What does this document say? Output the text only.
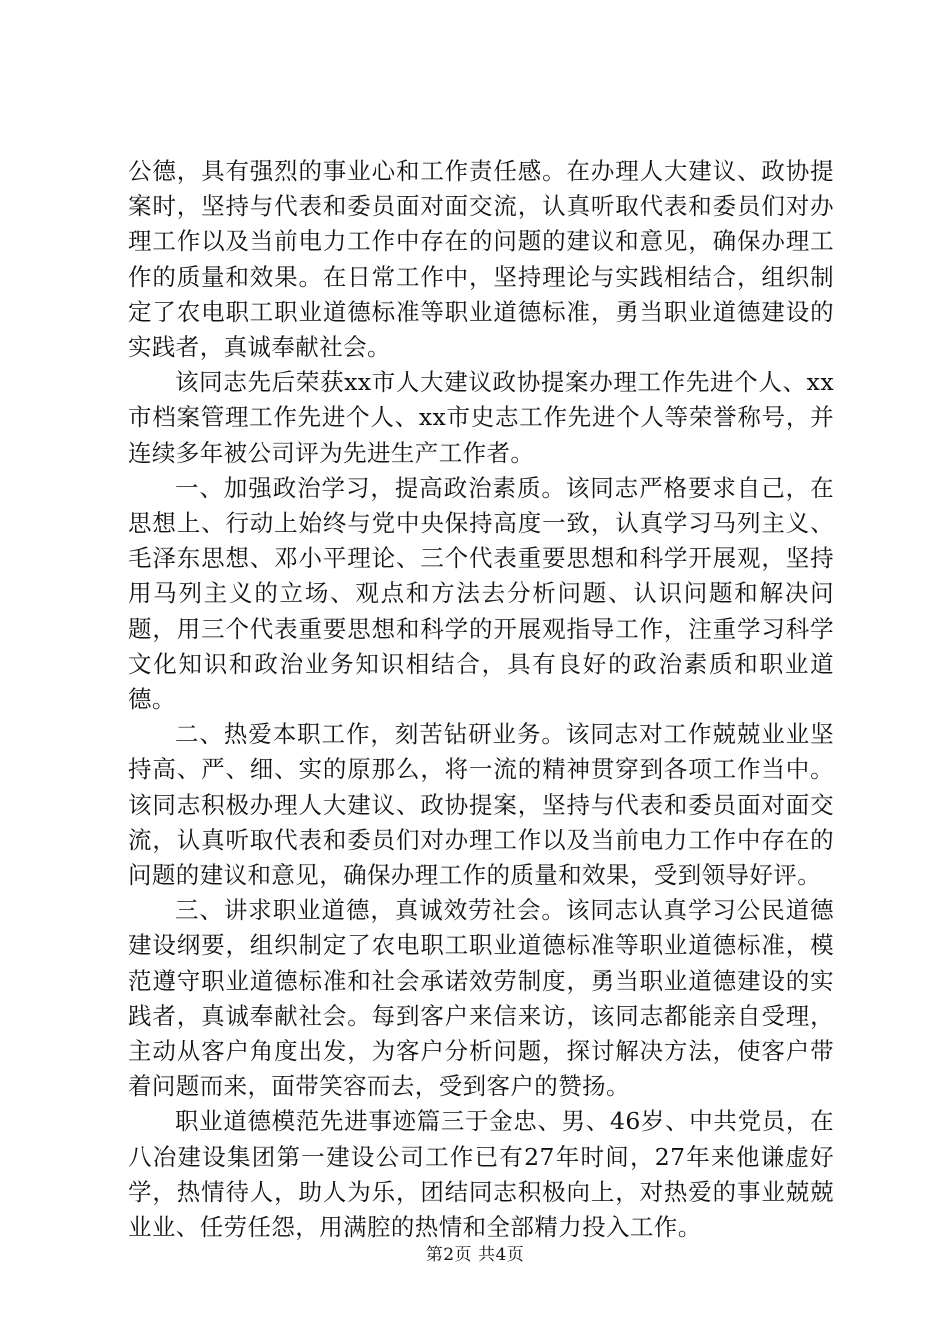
公德，具有强烈的事业心和工作责任感。在办理人大建议、政协提案时，坚持与代表和委员面对面交流，认真听取代表和委员们对办理工作以及当前电力工作中存在的问题的建议和意见，确保办理工作的质量和效果。在日常工作中，坚持理论与实践相结合，组织制定了农电职工职业道德标准等职业道德标准，勇当职业道德建设的实践者，真诚奉献社会。

该同志先后荣获xx市人大建议政协提案办理工作先进个人、xx市档案管理工作先进个人、xx市史志工作先进个人等荣誉称号，并连续多年被公司评为先进生产工作者。

一、加强政治学习，提高政治素质。该同志严格要求自己，在思想上、行动上始终与党中央保持高度一致，认真学习马列主义、毛泽东思想、邓小平理论、三个代表重要思想和科学开展观，坚持用马列主义的立场、观点和方法去分析问题、认识问题和解决问题，用三个代表重要思想和科学的开展观指导工作，注重学习科学文化知识和政治业务知识相结合，具有良好的政治素质和职业道德。

二、热爱本职工作，刻苦钻研业务。该同志对工作兢兢业业坚持高、严、细、实的原那么，将一流的精神贯穿到各项工作当中。该同志积极办理人大建议、政协提案，坚持与代表和委员面对面交流，认真听取代表和委员们对办理工作以及当前电力工作中存在的问题的建议和意见，确保办理工作的质量和效果，受到领导好评。

三、讲求职业道德，真诚效劳社会。该同志认真学习公民道德建设纲要，组织制定了农电职工职业道德标准等职业道德标准，模范遵守职业道德标准和社会承诺效劳制度，勇当职业道德建设的实践者，真诚奉献社会。每到客户来信来访，该同志都能亲自受理，主动从客户角度出发，为客户分析问题，探讨解决方法，使客户带着问题而来，面带笑容而去，受到客户的赞扬。

职业道德模范先进事迹篇三于金忠、男、46岁、中共党员，在八冶建设集团第一建设公司工作已有27年时间，27年来他谦虚好学，热情待人，助人为乐，团结同志积极向上，对热爱的事业兢兢业业、任劳任怨，用满腔的热情和全部精力投入工作。

第2页 共4页
